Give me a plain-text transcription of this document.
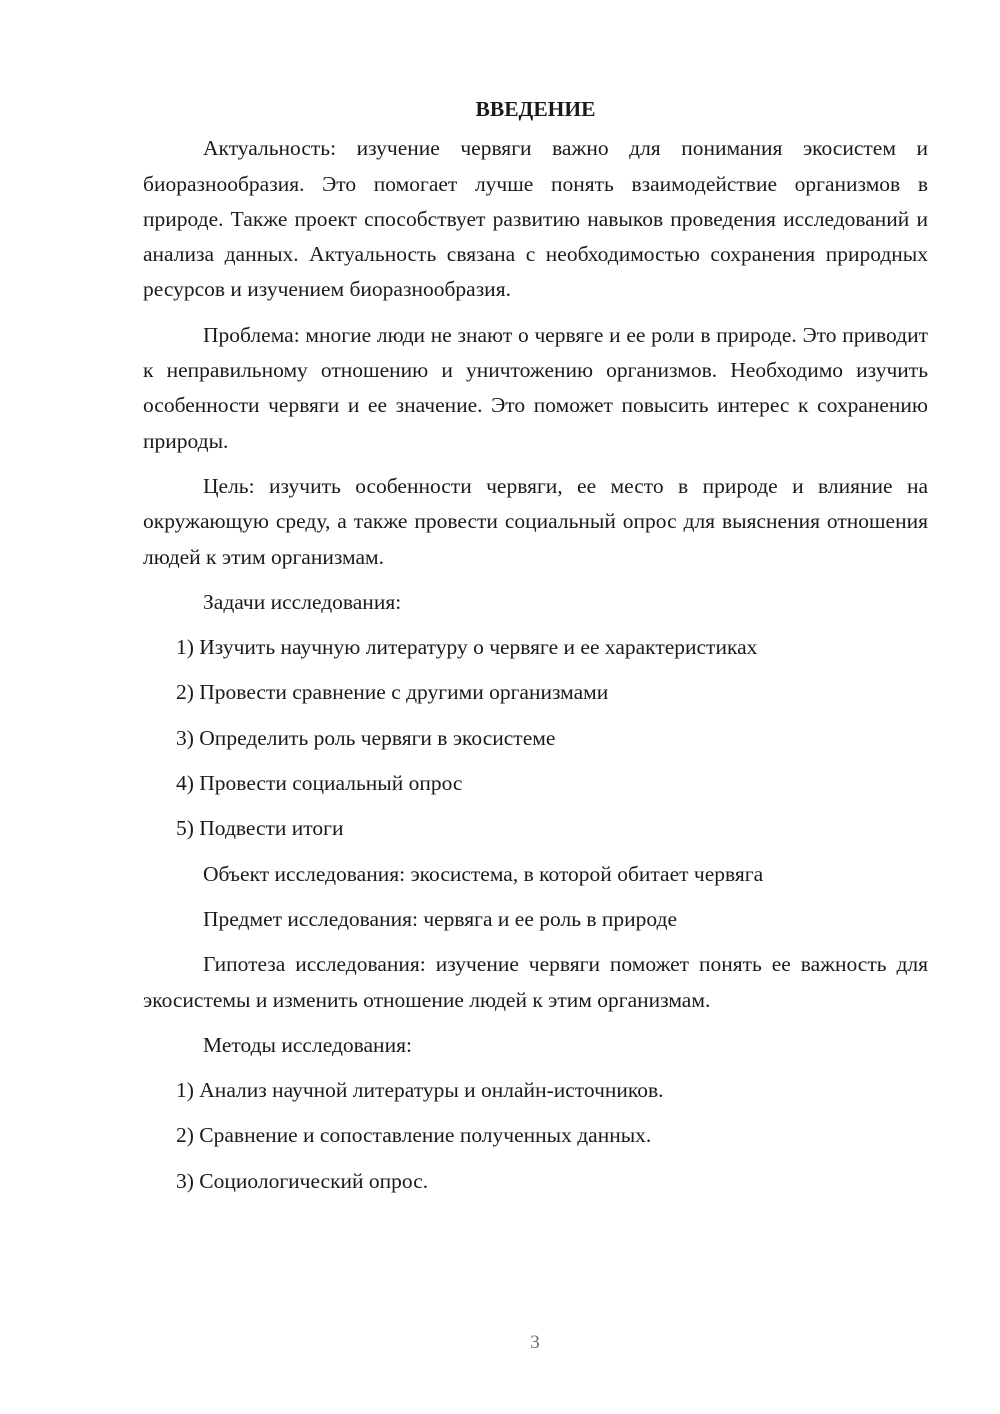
ВВЕДЕНИЕ

Актуальность: изучение червяги важно для понимания экосистем и биоразнообразия. Это помогает лучше понять взаимодействие организмов в природе. Также проект способствует развитию навыков проведения исследований и анализа данных. Актуальность связана с необходимостью сохранения природных ресурсов и изучением биоразнообразия.

Проблема: многие люди не знают о червяге и ее роли в природе. Это приводит к неправильному отношению и уничтожению организмов. Необходимо изучить особенности червяги и ее значение. Это поможет повысить интерес к сохранению природы.

Цель: изучить особенности червяги, ее место в природе и влияние на окружающую среду, а также провести социальный опрос для выяснения отношения людей к этим организмам.

Задачи исследования:

1) Изучить научную литературу о червяге и ее характеристиках
2) Провести сравнение с другими организмами
3) Определить роль червяги в экосистеме
4) Провести социальный опрос
5) Подвести итоги

Объект исследования: экосистема, в которой обитает червяга

Предмет исследования: червяга и ее роль в природе

Гипотеза исследования: изучение червяги поможет понять ее важность для экосистемы и изменить отношение людей к этим организмам.

Методы исследования:

1) Анализ научной литературы и онлайн-источников.
2) Сравнение и сопоставление полученных данных.
3) Социологический опрос.
3
